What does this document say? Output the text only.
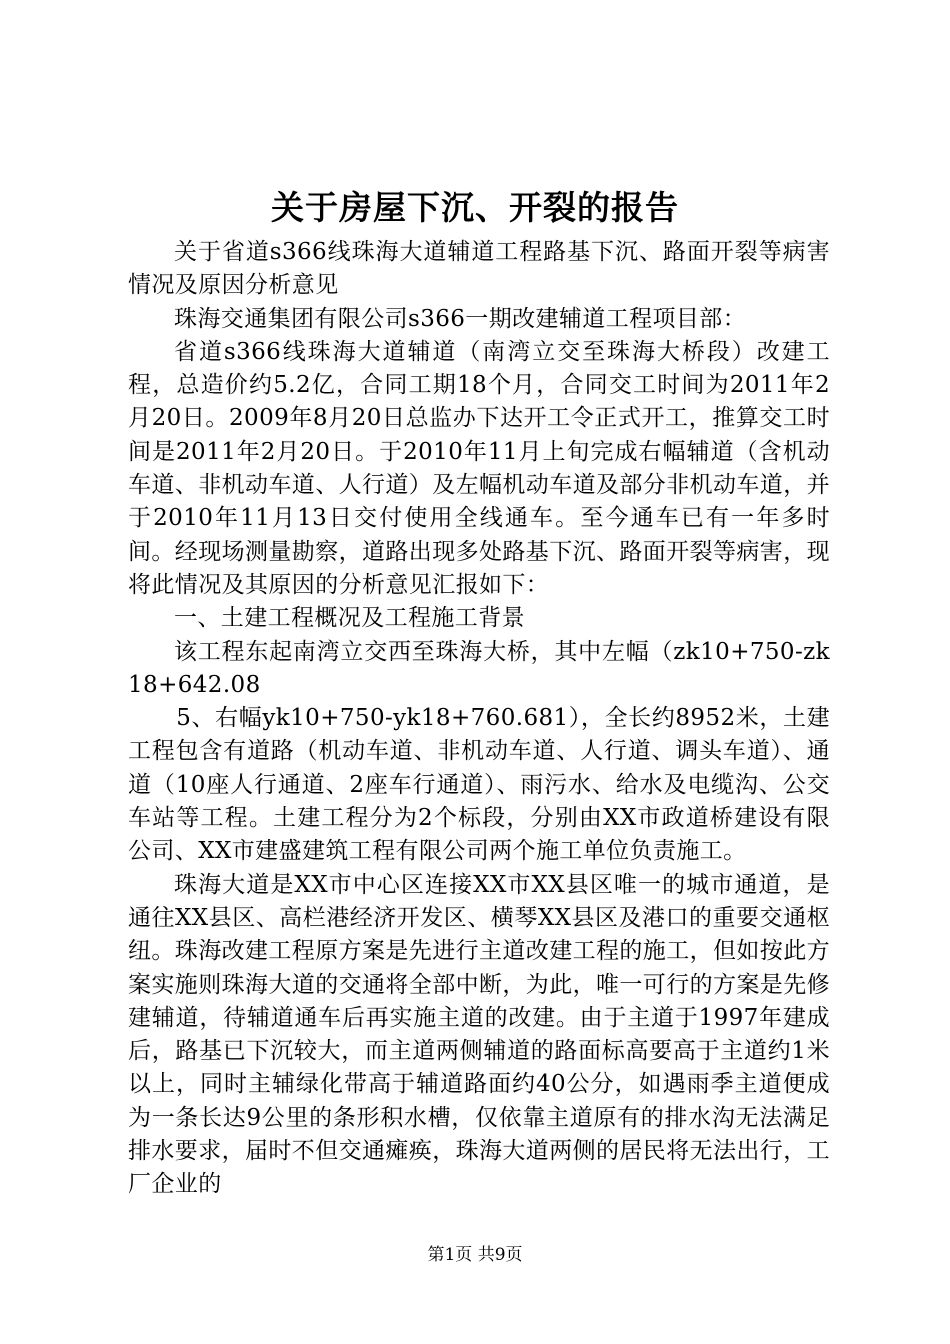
关于房屋下沉、开裂的报告

关于省道s366线珠海大道辅道工程路基下沉、路面开裂等病害情况及原因分析意见

珠海交通集团有限公司s366一期改建辅道工程项目部：

省道s366线珠海大道辅道（南湾立交至珠海大桥段）改建工程，总造价约5.2亿，合同工期18个月，合同交工时间为2011年2月20日。2009年8月20日总监办下达开工令正式开工，推算交工时间是2011年2月20日。于2010年11月上旬完成右幅辅道（含机动车道、非机动车道、人行道）及左幅机动车道及部分非机动车道，并于2010年11月13日交付使用全线通车。至今通车已有一年多时间。经现场测量勘察，道路出现多处路基下沉、路面开裂等病害，现将此情况及其原因的分析意见汇报如下：

一、土建工程概况及工程施工背景

该工程东起南湾立交西至珠海大桥，其中左幅（zk10+750-zk18+642.08

5、右幅yk10+750-yk18+760.681），全长约8952米，土建工程包含有道路（机动车道、非机动车道、人行道、调头车道）、通道（10座人行通道、2座车行通道）、雨污水、给水及电缆沟、公交车站等工程。土建工程分为2个标段，分别由XX市政道桥建设有限公司、XX市建盛建筑工程有限公司两个施工单位负责施工。

珠海大道是XX市中心区连接XX市XX县区唯一的城市通道，是通往XX县区、高栏港经济开发区、横琴XX县区及港口的重要交通枢纽。珠海改建工程原方案是先进行主道改建工程的施工，但如按此方案实施则珠海大道的交通将全部中断，为此，唯一可行的方案是先修建辅道，待辅道通车后再实施主道的改建。由于主道于1997年建成后，路基已下沉较大，而主道两侧辅道的路面标高要高于主道约1米以上，同时主辅绿化带高于辅道路面约40公分，如遇雨季主道便成为一条长达9公里的条形积水槽，仅依靠主道原有的排水沟无法满足排水要求，届时不但交通瘫痪，珠海大道两侧的居民将无法出行，工厂企业的

第1页 共9页
